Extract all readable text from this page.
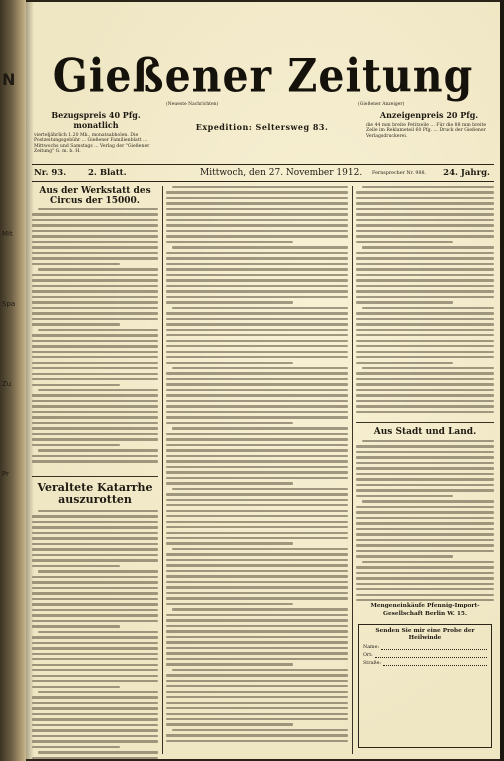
N
Mit
Spa
Zu
Pr
Gießener Zeitung
(Neueste Nachrichten)	(Gießener Anzeiger)
Bezugspreis 40 Pfg. monatlich
vierteljährlich 1.20 Mk., monatsabholen. Die Postzeitungsgebühr ... Gießener Familienblatt ... Mittwochs und Samstags ... Verlag der "Gießener Zeitung" G. m. b. H.
Expedition: Seltersweg 83.
Anzeigenpreis 20 Pfg.
die 44 mm breite Petitzeile ... Für die 88 mm breite Zeile im Reklameteil 60 Pfg. ... Druck der Gießener Verlagsdruckerei.
Nr. 93.	2. Blatt.	Mittwoch, den 27. November 1912. Fernsprecher Nr. 988. 24. Jahrg.
Aus der Werkstatt des Circus der 15000.
Veraltete Katarrhe auszurotten
Aus Stadt und Land.
Mengeneinkäufe Pfennig-Import-Gesellschaft Berlin W. 15.
Senden Sie mir eine Probe der Heilwinde
Name:
Ort:
Straße:
